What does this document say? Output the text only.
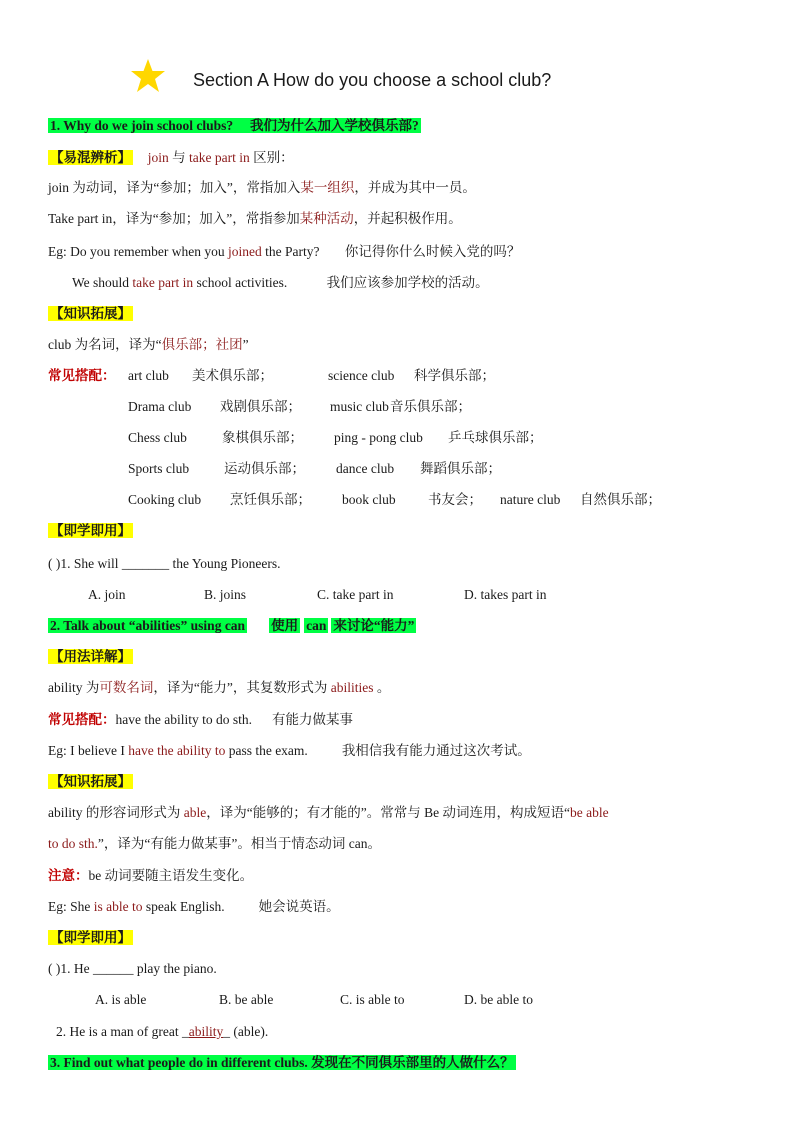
Section A How do you choose a school club?
1. Why do we join school clubs?     我们为什么加入学校俱乐部?
【易混辨析】 join 与 take part in 区别：
join 为动词，译为“参加；加入”，常指加入某一组织，并成为其中一员。
Take part in，译为“参加；加入”，常指参加某种活动，并起积极作用。
Eg: Do you remember when you joined the Party? 你记得你什么时候入党的吗？
We should take part in school activities.	我们应该参加学校的活动。
【知识拓展】
club 为名词，译为“俱乐部；社团”
常见搭配： art club 美术俱乐部；	science club 科学俱乐部；
Drama club 戏剧俱乐部； music club音乐俱乐部；
Chess club	象棋俱乐部； ping - pong club 乒乓球俱乐部；
Sports club	运动俱乐部； dance club 舞蹈俱乐部；
Cooking club 烹饪俱乐部； book club 书友会； nature club 自然俱乐部；
【即学即用】
( )1. She will _______ the Young Pioneers.
A. join	B. joins	C. take part in	D. takes part in
2. Talk about “abilities” using can 使用 can 来讨论“能力”
【用法详解】
ability 为可数名词，译为“能力”，其复数形式为 abilities 。
常见搭配：have the ability to do sth. 有能力做某事
Eg: I believe I have the ability to pass the exam.	我相信我有能力通过这次考试。
【知识拓展】
ability 的形容词形式为 able，译为“能够的；有才能的”。常常与 Be 动词连用，构成短语“be able
to do sth.”，译为“有能力做某事”。相当于情态动词 can。
注意：be 动词要随主语发生变化。
Eg: She is able to speak English.	她会说英语。
【即学即用】
( )1. He ______ play the piano.
A. is able	B. be able	C. is able to	D. be able to
2. He is a man of great _ability_ (able).
3. Find out what people do in different clubs. 发现在不同俱乐部里的人做什么？
